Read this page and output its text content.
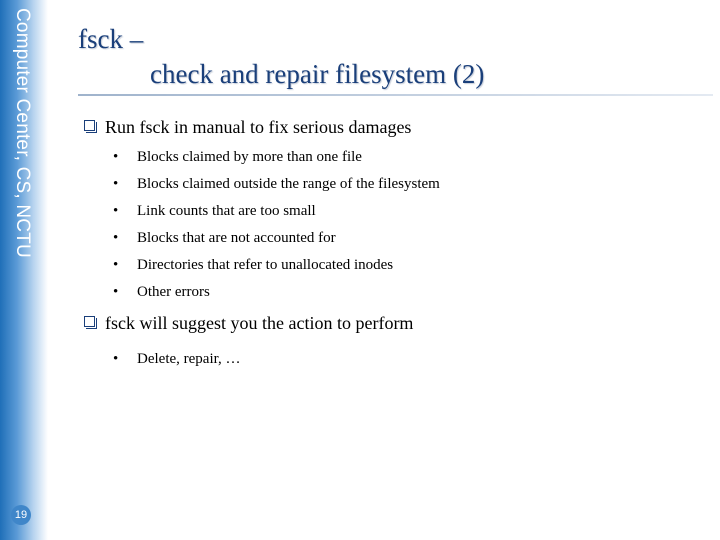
Computer Center, CS, NCTU
19
fsck –
check and repair filesystem (2)
Run fsck in manual to fix serious damages
• Blocks claimed by more than one file
• Blocks claimed outside the range of the filesystem
• Link counts that are too small
• Blocks that are not accounted for
• Directories that refer to unallocated inodes
• Other errors
fsck will suggest you the action to perform
• Delete, repair, …
